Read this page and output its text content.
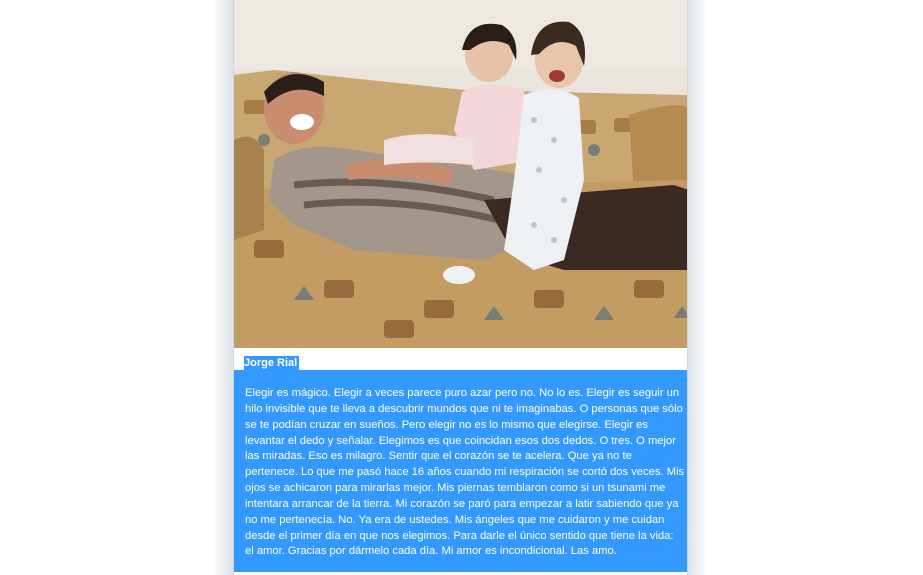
Jorge Rial
Elegir es mágico. Elegir a veces parece puro azar pero no. No lo es. Elegir es seguir un hilo invisible que te lleva a descubrir mundos que ni te imaginabas. O personas que sólo se te podían cruzar en sueños. Pero elegir no es lo mismo que elegirse. Elegir es levantar el dedo y señalar. Elegimos es que coincidan esos dos dedos. O tres. O mejor las miradas. Eso es milagro. Sentir que el corazón se te acelera. Que ya no te pertenece. Lo que me pasó hace 16 años cuando mi respiración se cortó dos veces. Mis ojos se achicaron para mirarlas mejor. Mis piernas temblaron como si un tsunami me intentara arrancar de la tierra. Mi corazón se paró para empezar a latir sabiendo que ya no me pertenecía. No. Ya era de ustedes. Mis ángeles que me cuidaron y me cuidan desde el primer día en que nos elegimos. Para darle el único sentido que tiene la vida: el amor. Gracias por dármelo cada día. Mi amor es incondicional. Las amo.
